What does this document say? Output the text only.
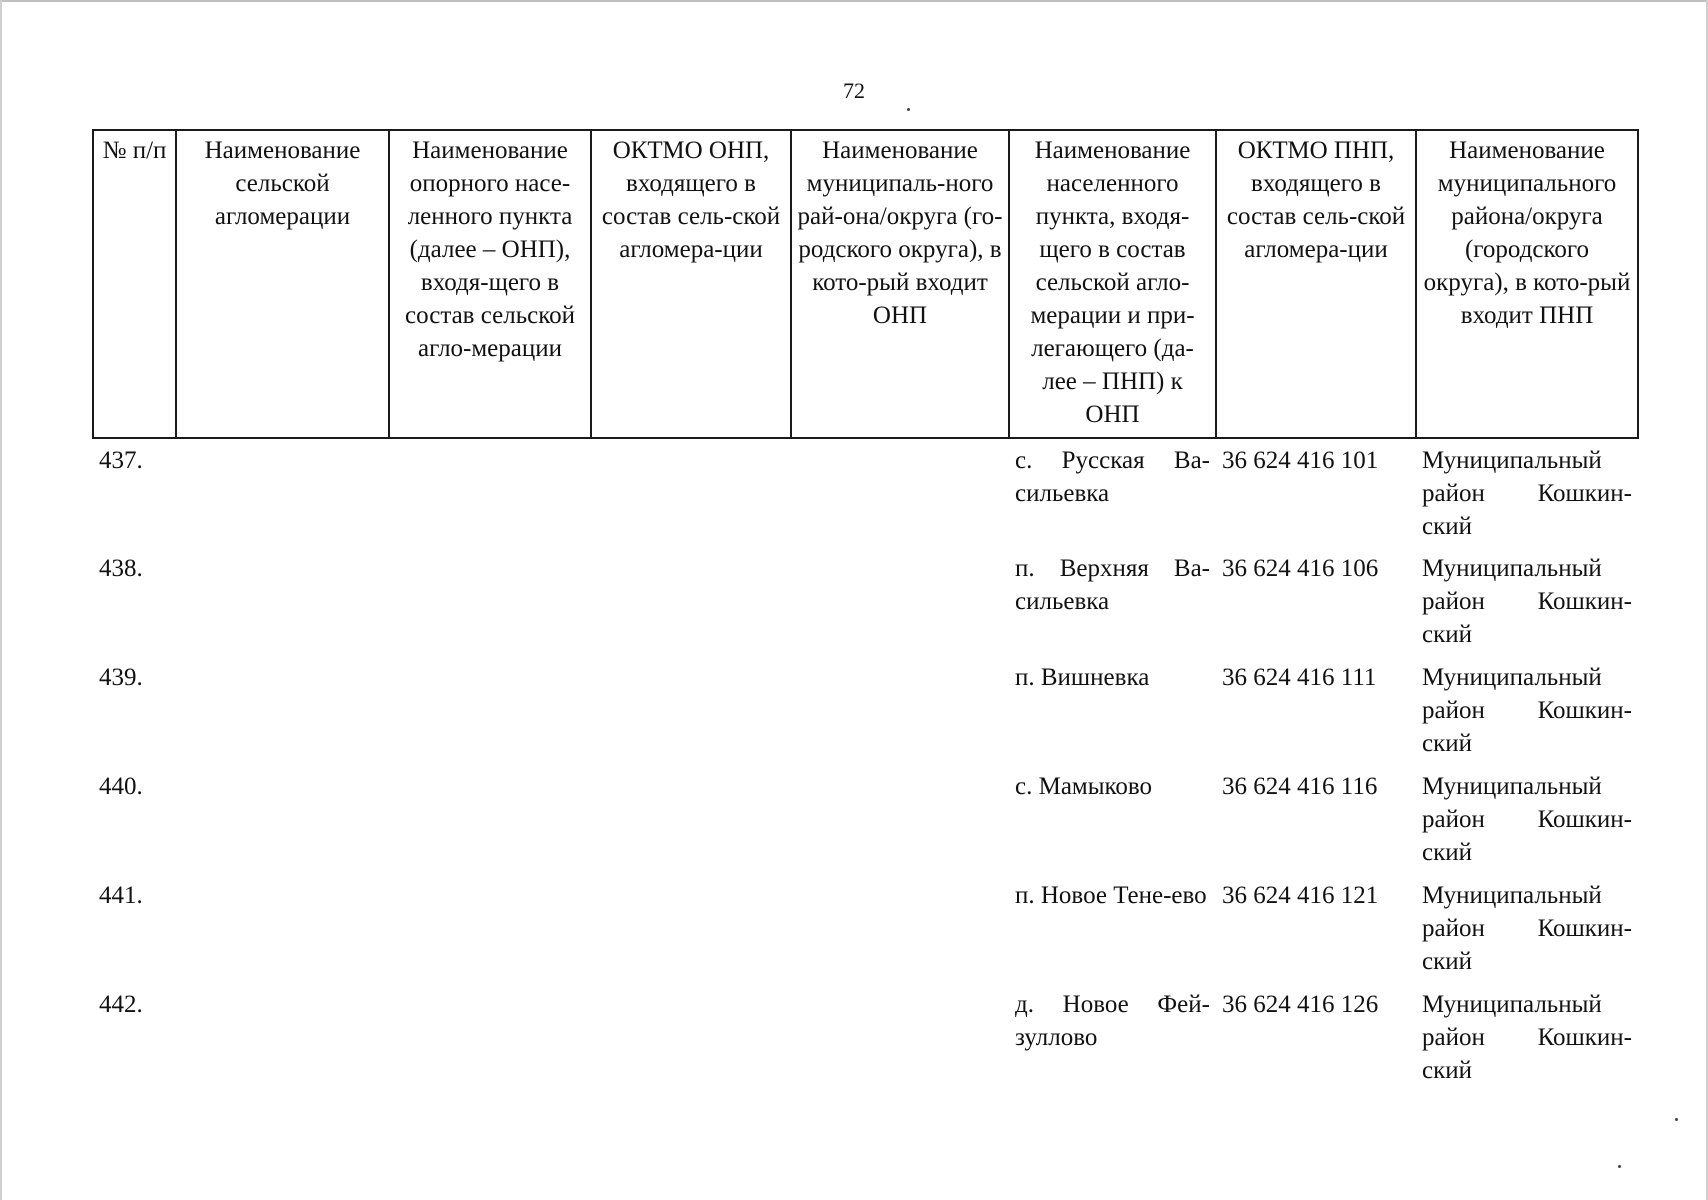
72
№ п/п	Наименование сельской агломерации	Наименование опорного насе-ленного пункта (далее – ОНП), входя-щего в состав сельской агло-мерации	ОКТМО ОНП, входящего в состав сель-ской агломера-ции	Наименование муниципаль-ного рай-она/округа (го-родского округа), в кото-рый входит ОНП	Наименование населенного пункта, входя-щего в состав сельской агло-мерации и при-легающего (да-лее – ПНП) к ОНП	ОКТМО ПНП, входящего в состав сель-ской агломера-ции	Наименование муниципального района/округа (городского округа), в кото-рый входит ПНП
437.					с. Русская Ва-сильевка	36 624 416 101	Муниципальный район Кошкин-ский
438.					п. Верхняя Ва-сильевка	36 624 416 106	Муниципальный район Кошкин-ский
439.					п. Вишневка	36 624 416 111	Муниципальный район Кошкин-ский
440.					с. Мамыково	36 624 416 116	Муниципальный район Кошкин-ский
441.					п. Новое Тене-ево	36 624 416 121	Муниципальный район Кошкин-ский
442.					д. Новое Фей-зуллово	36 624 416 126	Муниципальный район Кошкин-ский
